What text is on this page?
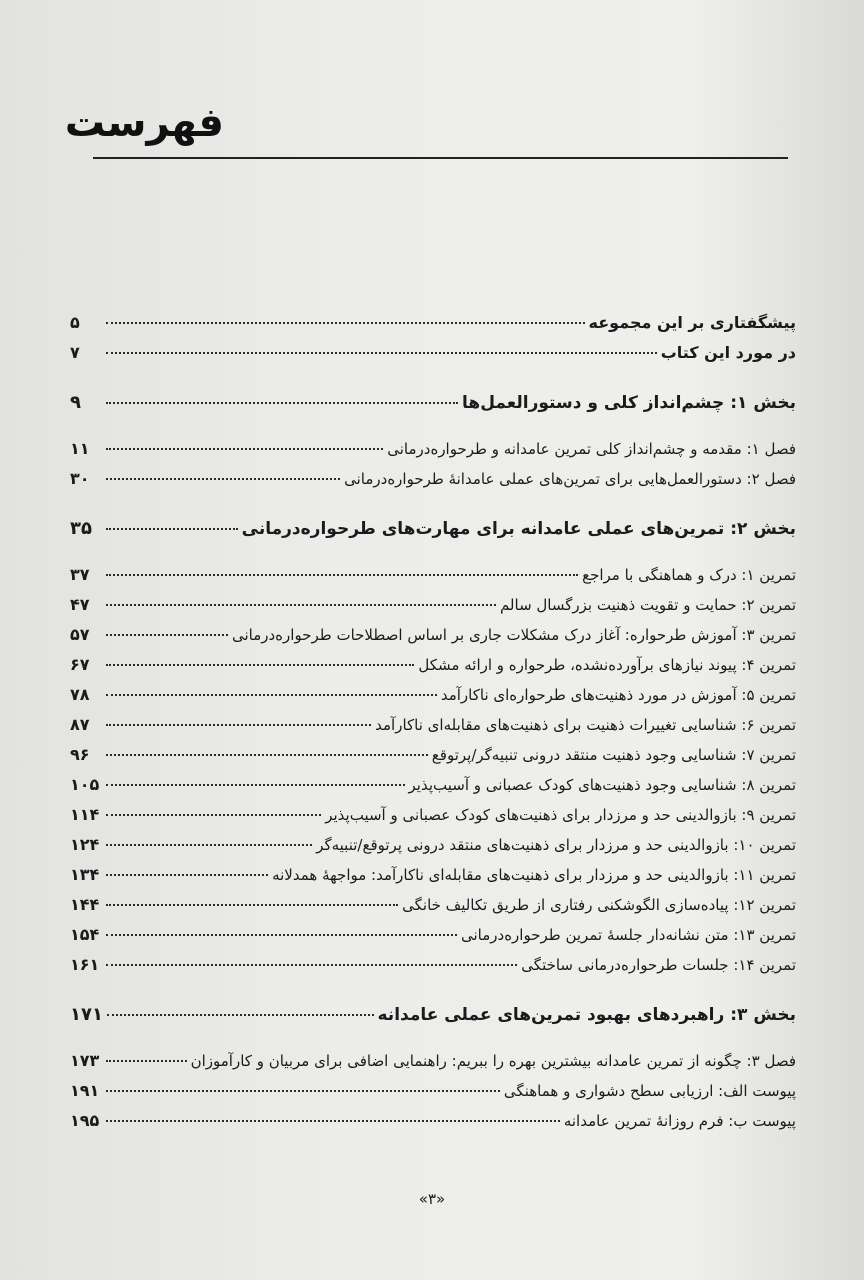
فهرست
پیشگفتاری بر این مجموعه
۵
در مورد این کتاب
۷
بخش ۱: چشم‌انداز کلی و دستورالعمل‌ها
۹
فصل ۱: مقدمه و چشم‌انداز کلی تمرین عامدانه و طرحواره‌درمانی
۱۱
فصل ۲: دستورالعمل‌هایی برای تمرین‌های عملی عامدانهٔ طرحواره‌درمانی
۳۰
بخش ۲: تمرین‌های عملی عامدانه برای مهارت‌های طرحواره‌درمانی
۳۵
تمرین ۱: درک و هماهنگی با مراجع
۳۷
تمرین ۲: حمایت و تقویت ذهنیت بزرگسال سالم
۴۷
تمرین ۳: آموزش طرحواره: آغاز درک مشکلات جاری بر اساس اصطلاحات طرحواره‌درمانی
۵۷
تمرین ۴: پیوند نیازهای برآورده‌نشده، طرحواره و ارائه مشکل
۶۷
تمرین ۵: آموزش در مورد ذهنیت‌های طرحواره‌ای ناکارآمد
۷۸
تمرین ۶: شناسایی تغییرات ذهنیت برای ذهنیت‌های مقابله‌ای ناکارآمد
۸۷
تمرین ۷: شناسایی وجود ذهنیت منتقد درونی تنبیه‌گر/پرتوقع
۹۶
تمرین ۸: شناسایی وجود ذهنیت‌های کودک عصبانی و آسیب‌پذیر
۱۰۵
تمرین ۹: بازوالدینی حد و مرزدار برای ذهنیت‌های کودک عصبانی و آسیب‌پذیر
۱۱۴
تمرین ۱۰: بازوالدینی حد و مرزدار برای ذهنیت‌های منتقد درونی پرتوقع/تنبیه‌گر
۱۲۴
تمرین ۱۱: بازوالدینی حد و مرزدار برای ذهنیت‌های مقابله‌ای ناکارآمد: مواجههٔ همدلانه
۱۳۴
تمرین ۱۲: پیاده‌سازی الگوشکنی رفتاری از طریق تکالیف خانگی
۱۴۴
تمرین ۱۳: متن نشانه‌دار جلسهٔ تمرین طرحواره‌درمانی
۱۵۴
تمرین ۱۴: جلسات طرحواره‌درمانی ساختگی
۱۶۱
بخش ۳: راهبردهای بهبود تمرین‌های عملی عامدانه
۱۷۱
فصل ۳: چگونه از تمرین عامدانه بیشترین بهره را ببریم: راهنمایی اضافی برای مربیان و کارآموزان
۱۷۳
پیوست الف: ارزیابی سطح دشواری و هماهنگی
۱۹۱
پیوست ب: فرم روزانهٔ تمرین عامدانه
۱۹۵
«۳»
